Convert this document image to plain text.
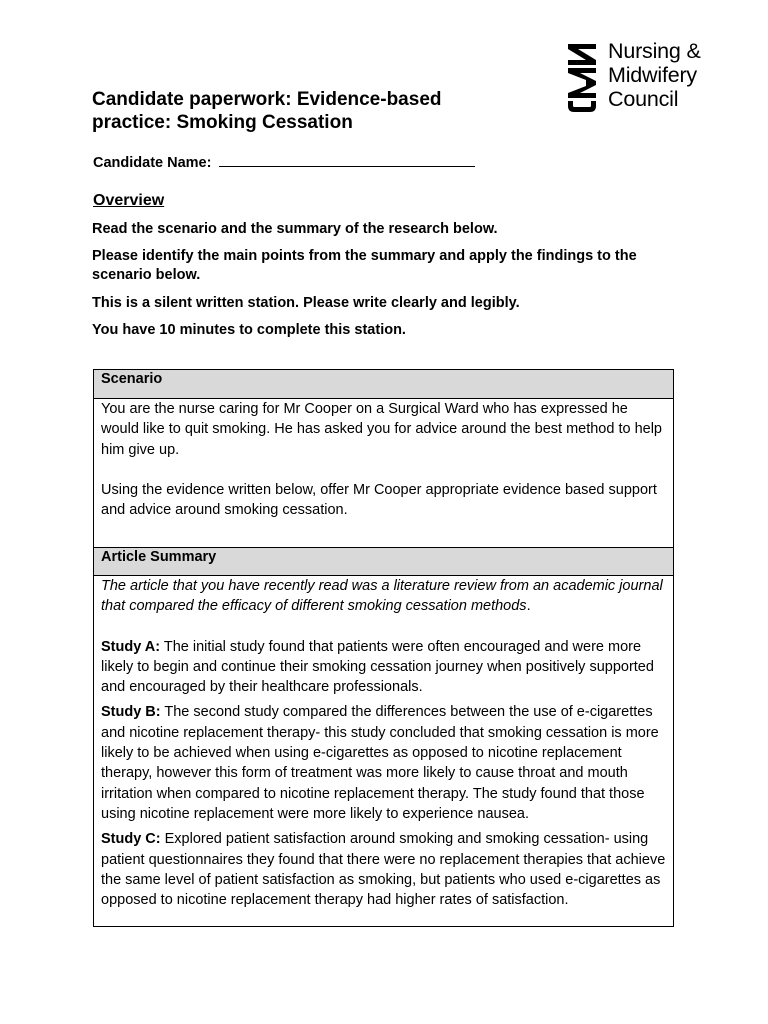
Nursing &
Midwifery
Council
Candidate paperwork: Evidence-based practice: Smoking Cessation
Candidate Name:
Overview
Read the scenario and the summary of the research below.
Please identify the main points from the summary and apply the findings to the scenario below.
This is a silent written station. Please write clearly and legibly.
You have 10 minutes to complete this station.
Scenario

You are the nurse caring for Mr Cooper on a Surgical Ward who has expressed he would like to quit smoking. He has asked you for advice around the best method to help him give up.

Using the evidence written below, offer Mr Cooper appropriate evidence based support and advice around smoking cessation.

Article Summary

The article that you have recently read was a literature review from an academic journal that compared the efficacy of different smoking cessation methods.

Study A: The initial study found that patients were often encouraged and were more likely to begin and continue their smoking cessation journey when positively supported and encouraged by their healthcare professionals.

Study B: The second study compared the differences between the use of e-cigarettes and nicotine replacement therapy- this study concluded that smoking cessation is more likely to be achieved when using e-cigarettes as opposed to nicotine replacement therapy, however this form of treatment was more likely to cause throat and mouth irritation when compared to nicotine replacement therapy. The study found that those using nicotine replacement were more likely to experience nausea.

Study C: Explored patient satisfaction around smoking and smoking cessation- using patient questionnaires they found that there were no replacement therapies that achieve the same level of patient satisfaction as smoking, but patients who used e-cigarettes as opposed to nicotine replacement therapy had higher rates of satisfaction.
